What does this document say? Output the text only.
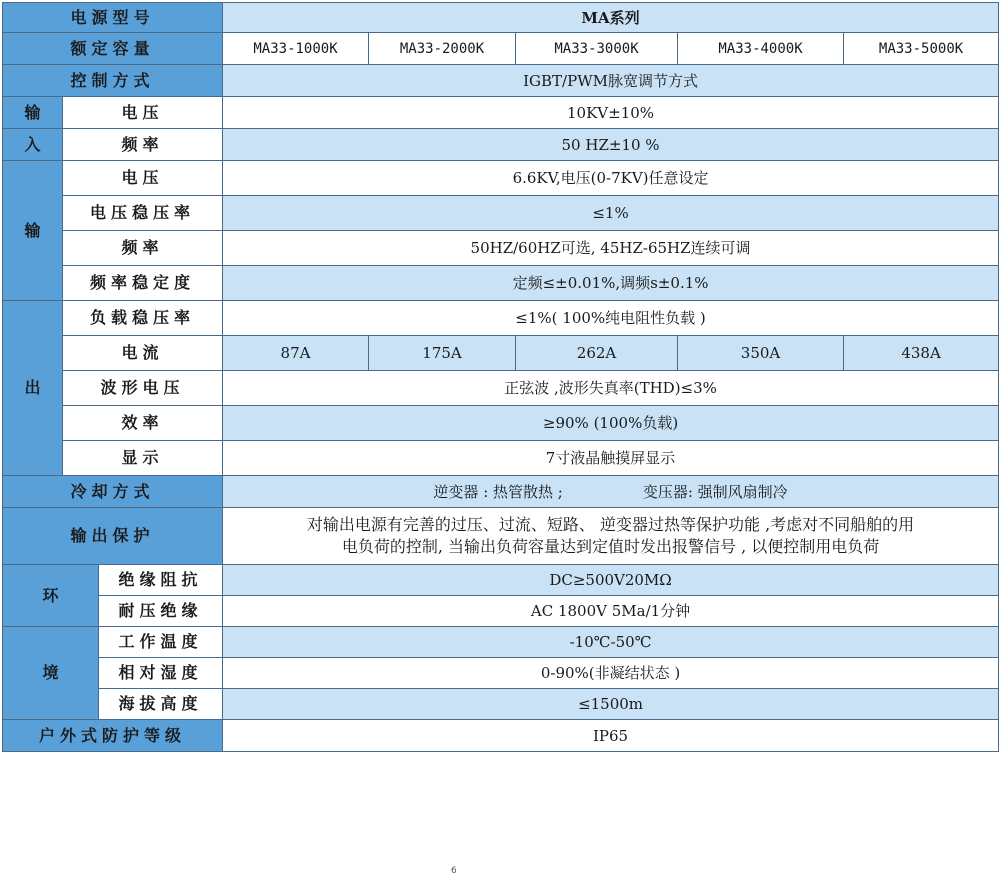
电源型号			MA系列				
额定容量			MA33-1000K	MA33-2000K	MA33-3000K	MA33-4000K	MA33-5000K
控制方式			IGBT/PWM脉宽调节方式				
输	电压		10KV±10%				
入	频率		50 HZ±10 %				
输	电压		6.6KV,电压(0-7KV)任意设定				
	电压稳压率		≤1%				
	频率		50HZ/60HZ可选, 45HZ-65HZ连续可调				
	频率稳定度		定频≤±0.01%,调频s±0.1%				
出	负载稳压率		≤1%( 100%纯电阻性负载 )				
	电流		87A	175A	262A	350A	438A
	波形电压		正弦波 ,波形失真率(THD)≤3%				
	效率		≥90% (100%负载)				
	显示		7寸液晶触摸屏显示				
冷却方式			逆变器 : 热管散热 ; 变压器: 强制风扇制冷				
输出保护			对输出电源有完善的过压、过流、短路、 逆变器过热等保护功能 ,考虑对不同船舶的用
电负荷的控制, 当输出负荷容量达到定值时发出报警信号 , 以便控制用电负荷				

环		绝缘阻抗	DC≥500V20MΩ				
		耐压绝缘	AC 1800V 5Ma/1分钟				
境		工作温度	-10℃-50℃				
		相对湿度	0-90%(非凝结状态 )				
		海拔高度	≤1500m				
户外式防护等级			IP65				
6
